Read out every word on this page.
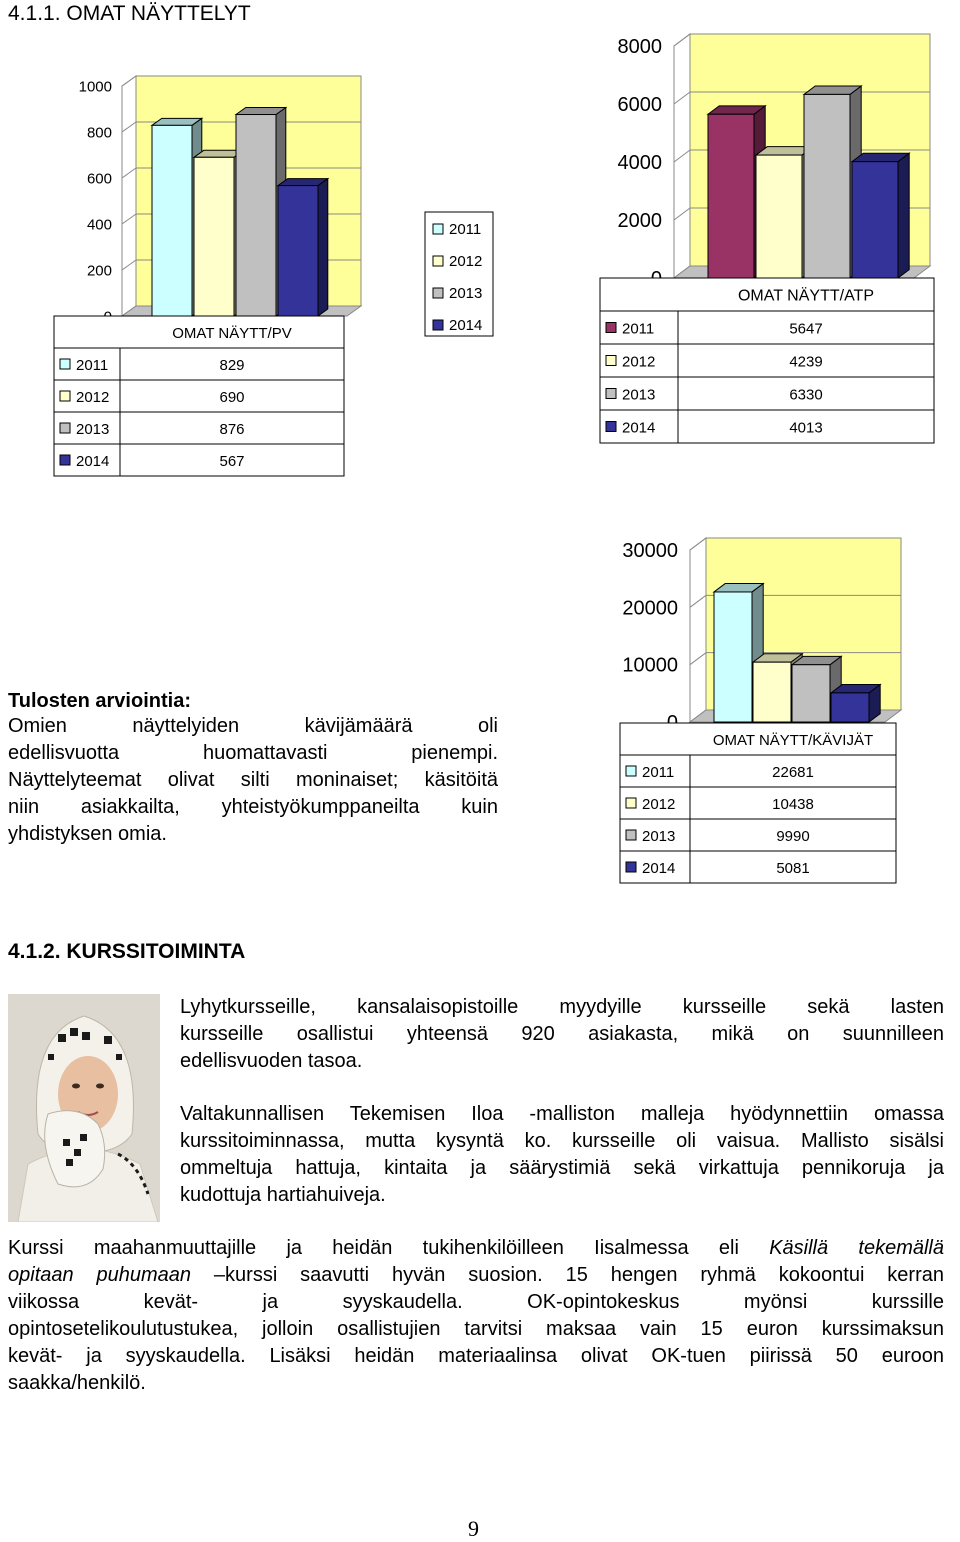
4.1.1. OMAT NÄYTTELYT
200
400
600
800
1000
OMAT NÄYTT/PV
2011	829
2012	690
2013	876
2014	567
2011
2012
2013
2014
2000
4000
6000
8000
OMAT NÄYTT/ATP
2011	5647
2012	4239
2013	6330
2014	4013
10000
20000
30000
OMAT NÄYTT/KÄVIJÄT
2011	22681
2012	10438
2013	9990
2014	5081
Tulosten arviointia:
Omien näyttelyiden kävijämäärä oli
edellisvuotta huomattavasti pienempi.
Näyttelyteemat olivat silti moninaiset; käsitöitä
niin asiakkailta, yhteistyökumppaneilta kuin
yhdistyksen omia.
4.1.2. KURSSITOIMINTA
Lyhytkursseille, kansalaisopistoille myydyille kursseille sekä lasten
kursseille osallistui yhteensä 920 asiakasta, mikä on suunnilleen
edellisvuoden tasoa.
Valtakunnallisen Tekemisen Iloa -malliston malleja hyödynnettiin omassa
kurssitoiminnassa, mutta kysyntä ko. kursseille oli vaisua. Mallisto sisälsi
ommeltuja hattuja, kintaita ja säärystimiä sekä virkattuja pennikoruja ja
kudottuja hartiahuiveja.
Kurssi maahanmuuttajille ja heidän tukihenkilöilleen Iisalmessa eli Käsillä tekemällä
opitaan puhumaan –kurssi saavutti hyvän suosion. 15 hengen ryhmä kokoontui kerran
viikossa kevät- ja syyskaudella. OK-opintokeskus myönsi kurssille
opintosetelikoulutustukea, jolloin osallistujien tarvitsi maksaa vain 15 euron kurssimaksun
kevät- ja syyskaudella. Lisäksi heidän materiaalinsa olivat OK-tuen piirissä 50 euroon
saakka/henkilö.
9
